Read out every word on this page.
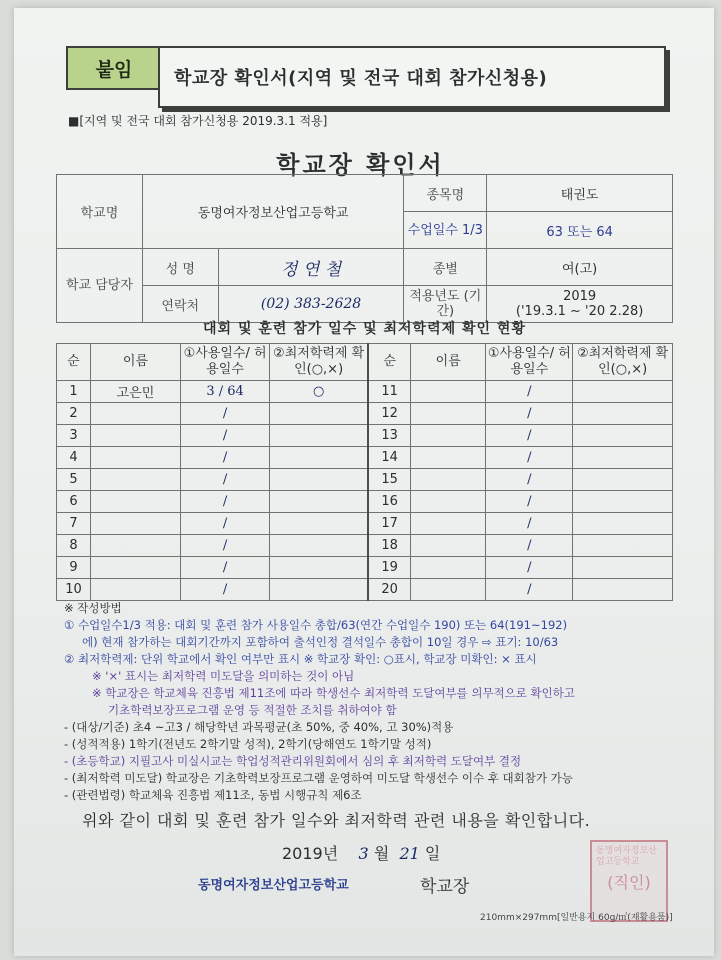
붙임	학교장 확인서(지역 및 전국 대회 참가신청용)
■[지역 및 전국 대회 참가신청용 2019.3.1 적용]
학교장 확인서
학교명	동명여자정보산업고등학교		종목명	태권도
			수업일수 1/3	63 또는 64
학교 담당자	성 명	정 연 철	종별	여(고)
	연락처	(02) 383-2628	적용년도 (기간)	2019
('19.3.1 ~ '20 2.28)
대회 및 훈련 참가 일수 및 최저학력제 확인 현황
순	이름	①사용일수/ 허용일수	②최저학력제 확인(○,×)	순	이름	①사용일수/ 허용일수	②최저학력제 확인(○,×)
1	고은민	3 / 64	○	11		/	
2		/		12		/	
3		/		13		/	
4		/		14		/	
5		/		15		/	
6		/		16		/	
7		/		17		/	
8		/		18		/	
9		/		19		/	
10		/		20		/	
※ 작성방법
① 수업일수1/3 적용: 대회 및 훈련 참가 사용일수 총합/63(연간 수업일수 190) 또는 64(191~192)
에) 현재 참가하는 대회기간까지 포함하여 출석인정 결석일수 총합이 10일 경우 ⇨ 표기: 10/63
② 최저학력제: 단위 학교에서 확인 여부만 표시 ※ 학교장 확인: ○표시, 학교장 미확인: × 표시
※ '×' 표시는 최저학력 미도달을 의미하는 것이 아님
※ 학교장은 학교체육 진흥법 제11조에 따라 학생선수 최저학력 도달여부를 의무적으로 확인하고
기초학력보장프로그램 운영 등 적절한 조치를 취하여야 함
- (대상/기준) 초4 ~고3 / 해당학년 과목평균(초 50%, 중 40%, 고 30%)적용
- (성적적용) 1학기(전년도 2학기말 성적), 2학기(당해연도 1학기말 성적)
- (초등학교) 지필고사 미실시교는 학업성적관리위원회에서 심의 후 최저학력 도달여부 결정
- (최저학력 미도달) 학교장은 기초학력보장프로그램 운영하여 미도달 학생선수 이수 후 대회참가 가능
- (관련법령) 학교체육 진흥법 제11조, 동법 시행규칙 제6조
위와 같이 대회 및 훈련 참가 일수와 최저학력 관련 내용을 확인합니다.
2019년 3 월 21 일
동명여자정보산업고등학교	학교장
동명여자정보산업고등학교
(직인)
210mm×297mm[일반용지 60g/㎡(재활용품)]
